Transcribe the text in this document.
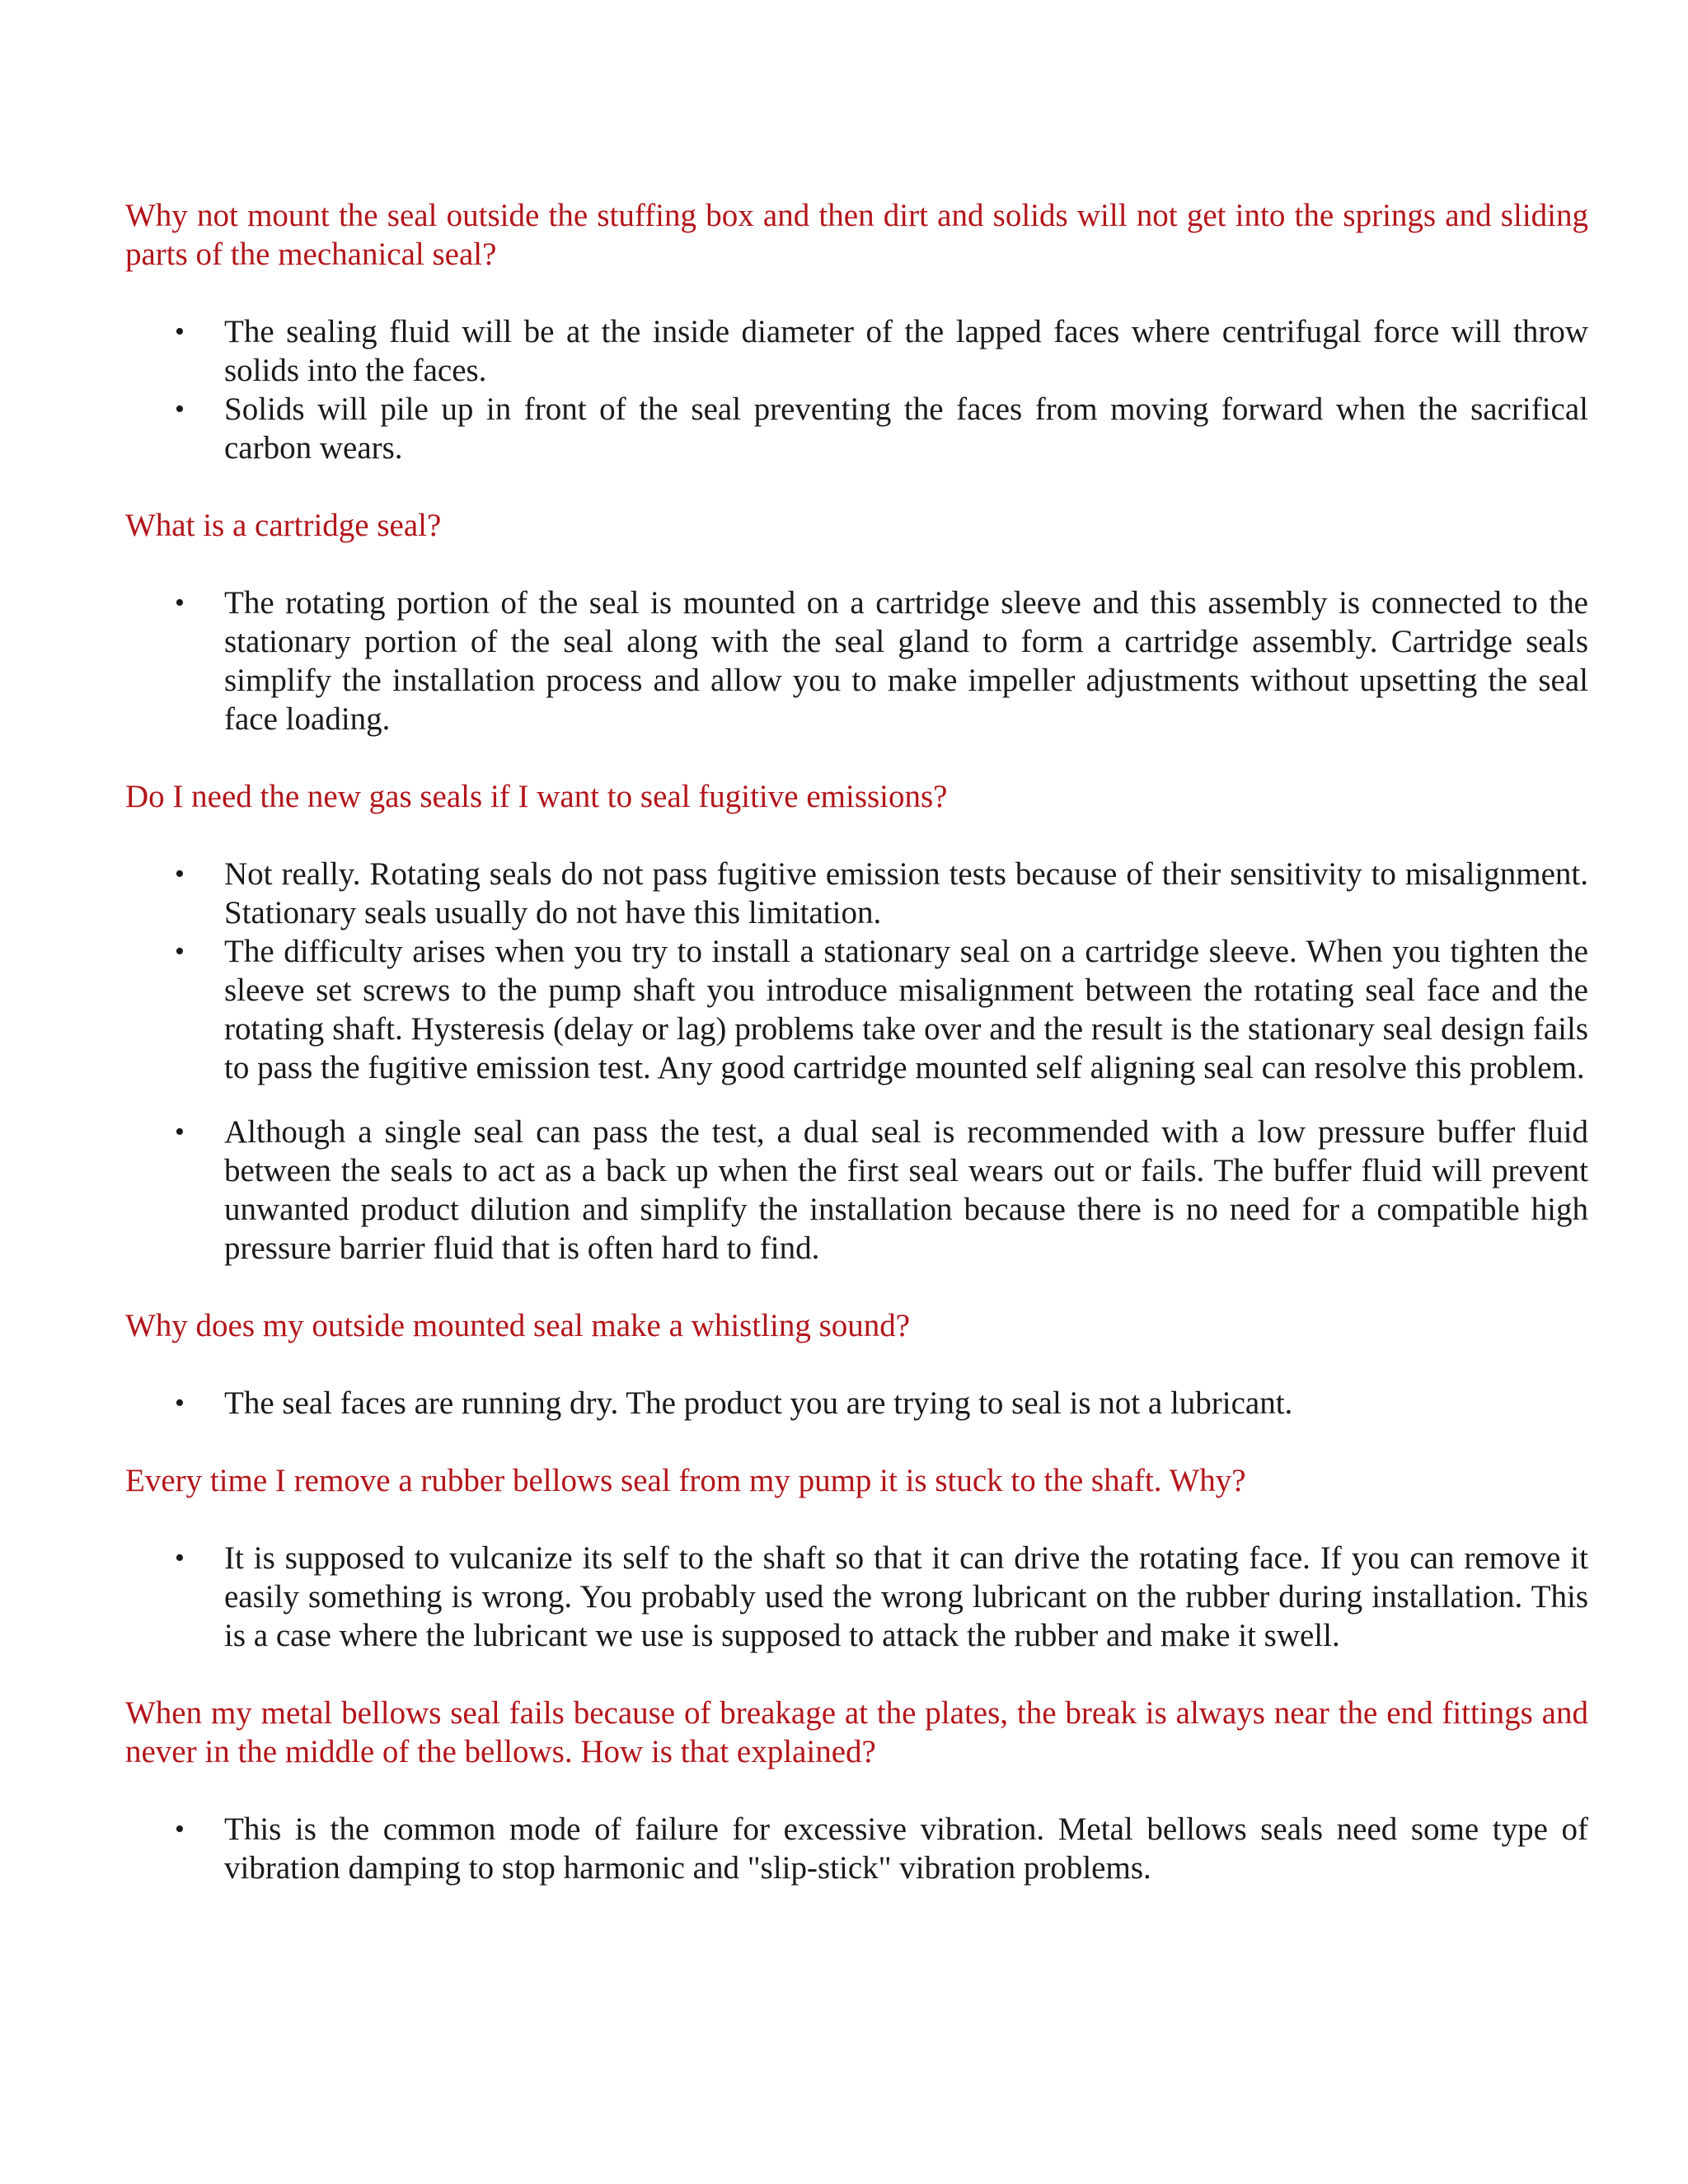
Why not mount the seal outside the stuffing box and then dirt and solids will not get into the springs and sliding parts of the mechanical seal?

• The sealing fluid will be at the inside diameter of the lapped faces where centrifugal force will throw solids into the faces.
• Solids will pile up in front of the seal preventing the faces from moving forward when the sacrifical carbon wears.

What is a cartridge seal?

• The rotating portion of the seal is mounted on a cartridge sleeve and this assembly is connected to the stationary portion of the seal along with the seal gland to form a cartridge assembly. Cartridge seals simplify the installation process and allow you to make impeller adjustments without upsetting the seal face loading.

Do I need the new gas seals if I want to seal fugitive emissions?

• Not really. Rotating seals do not pass fugitive emission tests because of their sensitivity to misalignment. Stationary seals usually do not have this limitation.
• The difficulty arises when you try to install a stationary seal on a cartridge sleeve. When you tighten the sleeve set screws to the pump shaft you introduce misalignment between the rotating seal face and the rotating shaft. Hysteresis (delay or lag) problems take over and the result is the stationary seal design fails to pass the fugitive emission test. Any good cartridge mounted self aligning seal can resolve this problem.
• Although a single seal can pass the test, a dual seal is recommended with a low pressure buffer fluid between the seals to act as a back up when the first seal wears out or fails. The buffer fluid will prevent unwanted product dilution and simplify the installation because there is no need for a compatible high pressure barrier fluid that is often hard to find.

Why does my outside mounted seal make a whistling sound?

• The seal faces are running dry. The product you are trying to seal is not a lubricant.

Every time I remove a rubber bellows seal from my pump it is stuck to the shaft. Why?

• It is supposed to vulcanize its self to the shaft so that it can drive the rotating face. If you can remove it easily something is wrong. You probably used the wrong lubricant on the rubber during installation. This is a case where the lubricant we use is supposed to attack the rubber and make it swell.

When my metal bellows seal fails because of breakage at the plates, the break is always near the end fittings and never in the middle of the bellows. How is that explained?

• This is the common mode of failure for excessive vibration. Metal bellows seals need some type of vibration damping to stop harmonic and "slip-stick" vibration problems.
